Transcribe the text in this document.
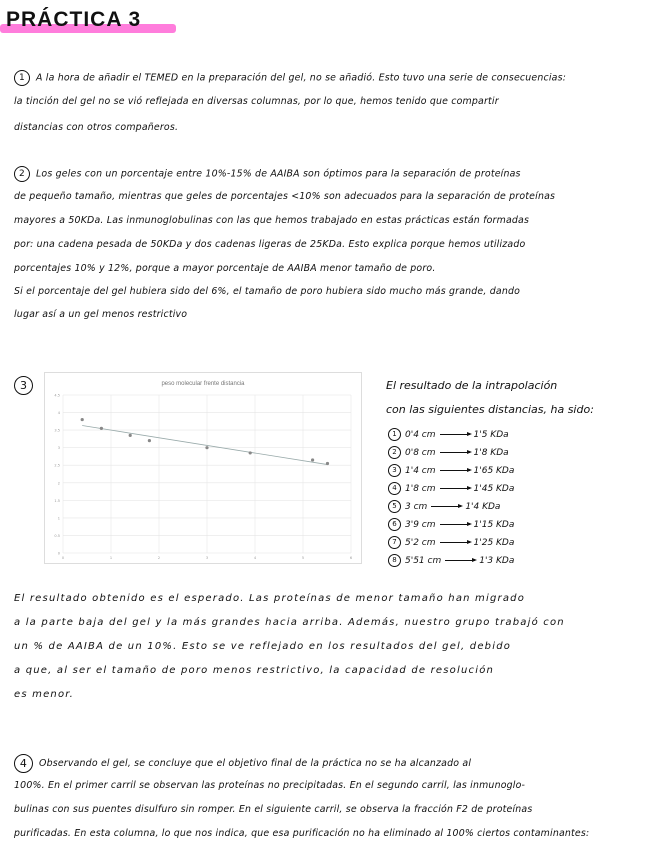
PRÁCTICA 3
1 A la hora de añadir el TEMED en la preparación del gel, no se añadió. Esto tuvo una serie de consecuencias:
la tinción del gel no se vió reflejada en diversas columnas, por lo que, hemos tenido que compartir
distancias con otros compañeros.
2 Los geles con un porcentaje entre 10%-15% de AAIBA son óptimos para la separación de proteínas
de pequeño tamaño, mientras que geles de porcentajes <10% son adecuados para la separación de proteínas
mayores a 50KDa. Las inmunoglobulinas con las que hemos trabajado en estas prácticas están formadas
por: una cadena pesada de 50KDa y dos cadenas ligeras de 25KDa. Esto explica porque hemos utilizado
porcentajes 10% y 12%, porque a mayor porcentaje de AAIBA menor tamaño de poro.
Si el porcentaje del gel hubiera sido del 6%, el tamaño de poro hubiera sido mucho más grande, dando
lugar así a un gel menos restrictivo
3	peso molecular frente distancia
0
0.5
1
1.5
2
2.5
3
3.5
4
4.5
0	1	2	3	4	5	6
El resultado de la intrapolación
con las siguientes distancias, ha sido:
1 0'4 cm	1'5 KDa
2 0'8 cm	1'8 KDa
3 1'4 cm	1'65 KDa
4 1'8 cm	1'45 KDa
5 3 cm	1'4 KDa
6 3'9 cm	1'15 KDa
7 5'2 cm	1'25 KDa
8 5'51 cm	1'3 KDa
El resultado obtenido es el esperado. Las proteínas de menor tamaño han migrado
a la parte baja del gel y la más grandes hacia arriba. Además, nuestro grupo trabajó con
un % de AAIBA de un 10%. Esto se ve reflejado en los resultados del gel, debido
a que, al ser el tamaño de poro menos restrictivo, la capacidad de resolución
es menor.
4 Observando el gel, se concluye que el objetivo final de la práctica no se ha alcanzado al
100%. En el primer carril se observan las proteínas no precipitadas. En el segundo carril, las inmunoglo-
bulinas con sus puentes disulfuro sin romper. En el siguiente carril, se observa la fracción F2 de proteínas
purificadas. En esta columna, lo que nos indica, que esa purificación no ha eliminado al 100% ciertos contaminantes:
